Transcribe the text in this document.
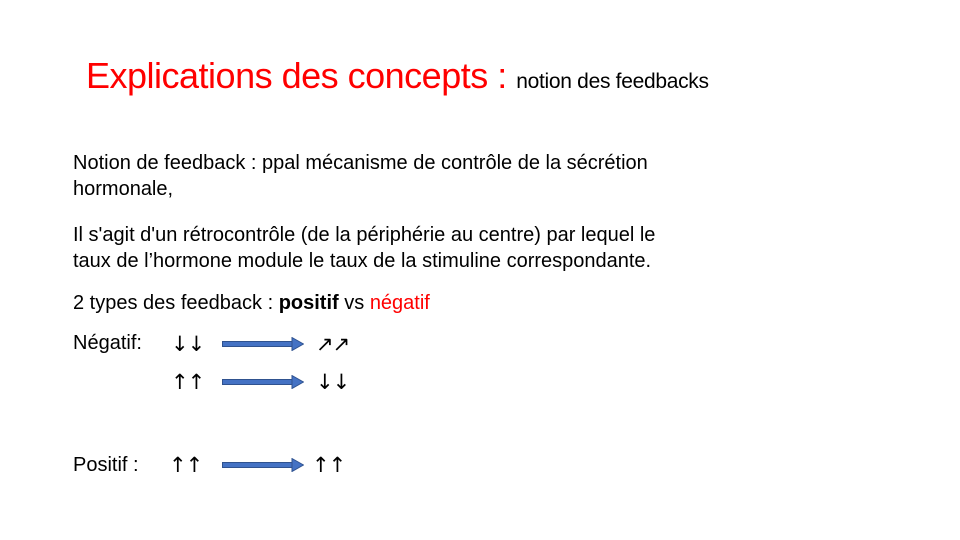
Explications des concepts : notion des feedbacks
Notion de feedback : ppal mécanisme de contrôle de la sécrétion
hormonale,
Il s'agit d'un rétrocontrôle (de la périphérie au centre) par lequel le
taux de l’hormone module le taux de la stimuline correspondante.
2 types des feedback : positif vs négatif
Négatif: ↓↓	↗↗
↑↑	↓↓
Positif : ↑↑	↑↑
